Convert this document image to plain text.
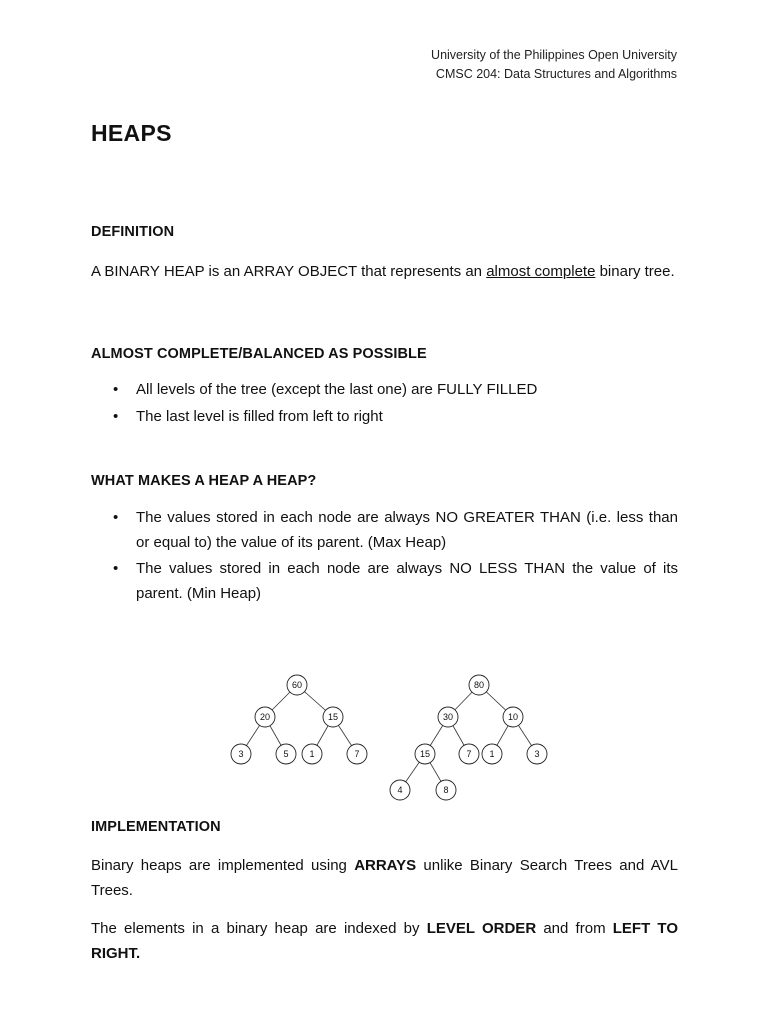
University of the Philippines Open University
CMSC 204: Data Structures and Algorithms
HEAPS
DEFINITION
A BINARY HEAP is an ARRAY OBJECT that represents an almost complete binary tree.
ALMOST COMPLETE/BALANCED AS POSSIBLE
• All levels of the tree (except the last one) are FULLY FILLED
• The last level is filled from left to right
WHAT MAKES A HEAP A HEAP?
• The values stored in each node are always NO GREATER THAN (i.e. less than or equal to) the value of its parent. (Max Heap)
• The values stored in each node are always NO LESS THAN the value of its parent. (Min Heap)
60
20	15
3	5 1	7
80
30	10
15	7 1	3
4	8
IMPLEMENTATION
Binary heaps are implemented using ARRAYS unlike Binary Search Trees and AVL Trees.
The elements in a binary heap are indexed by LEVEL ORDER and from LEFT TO RIGHT.
